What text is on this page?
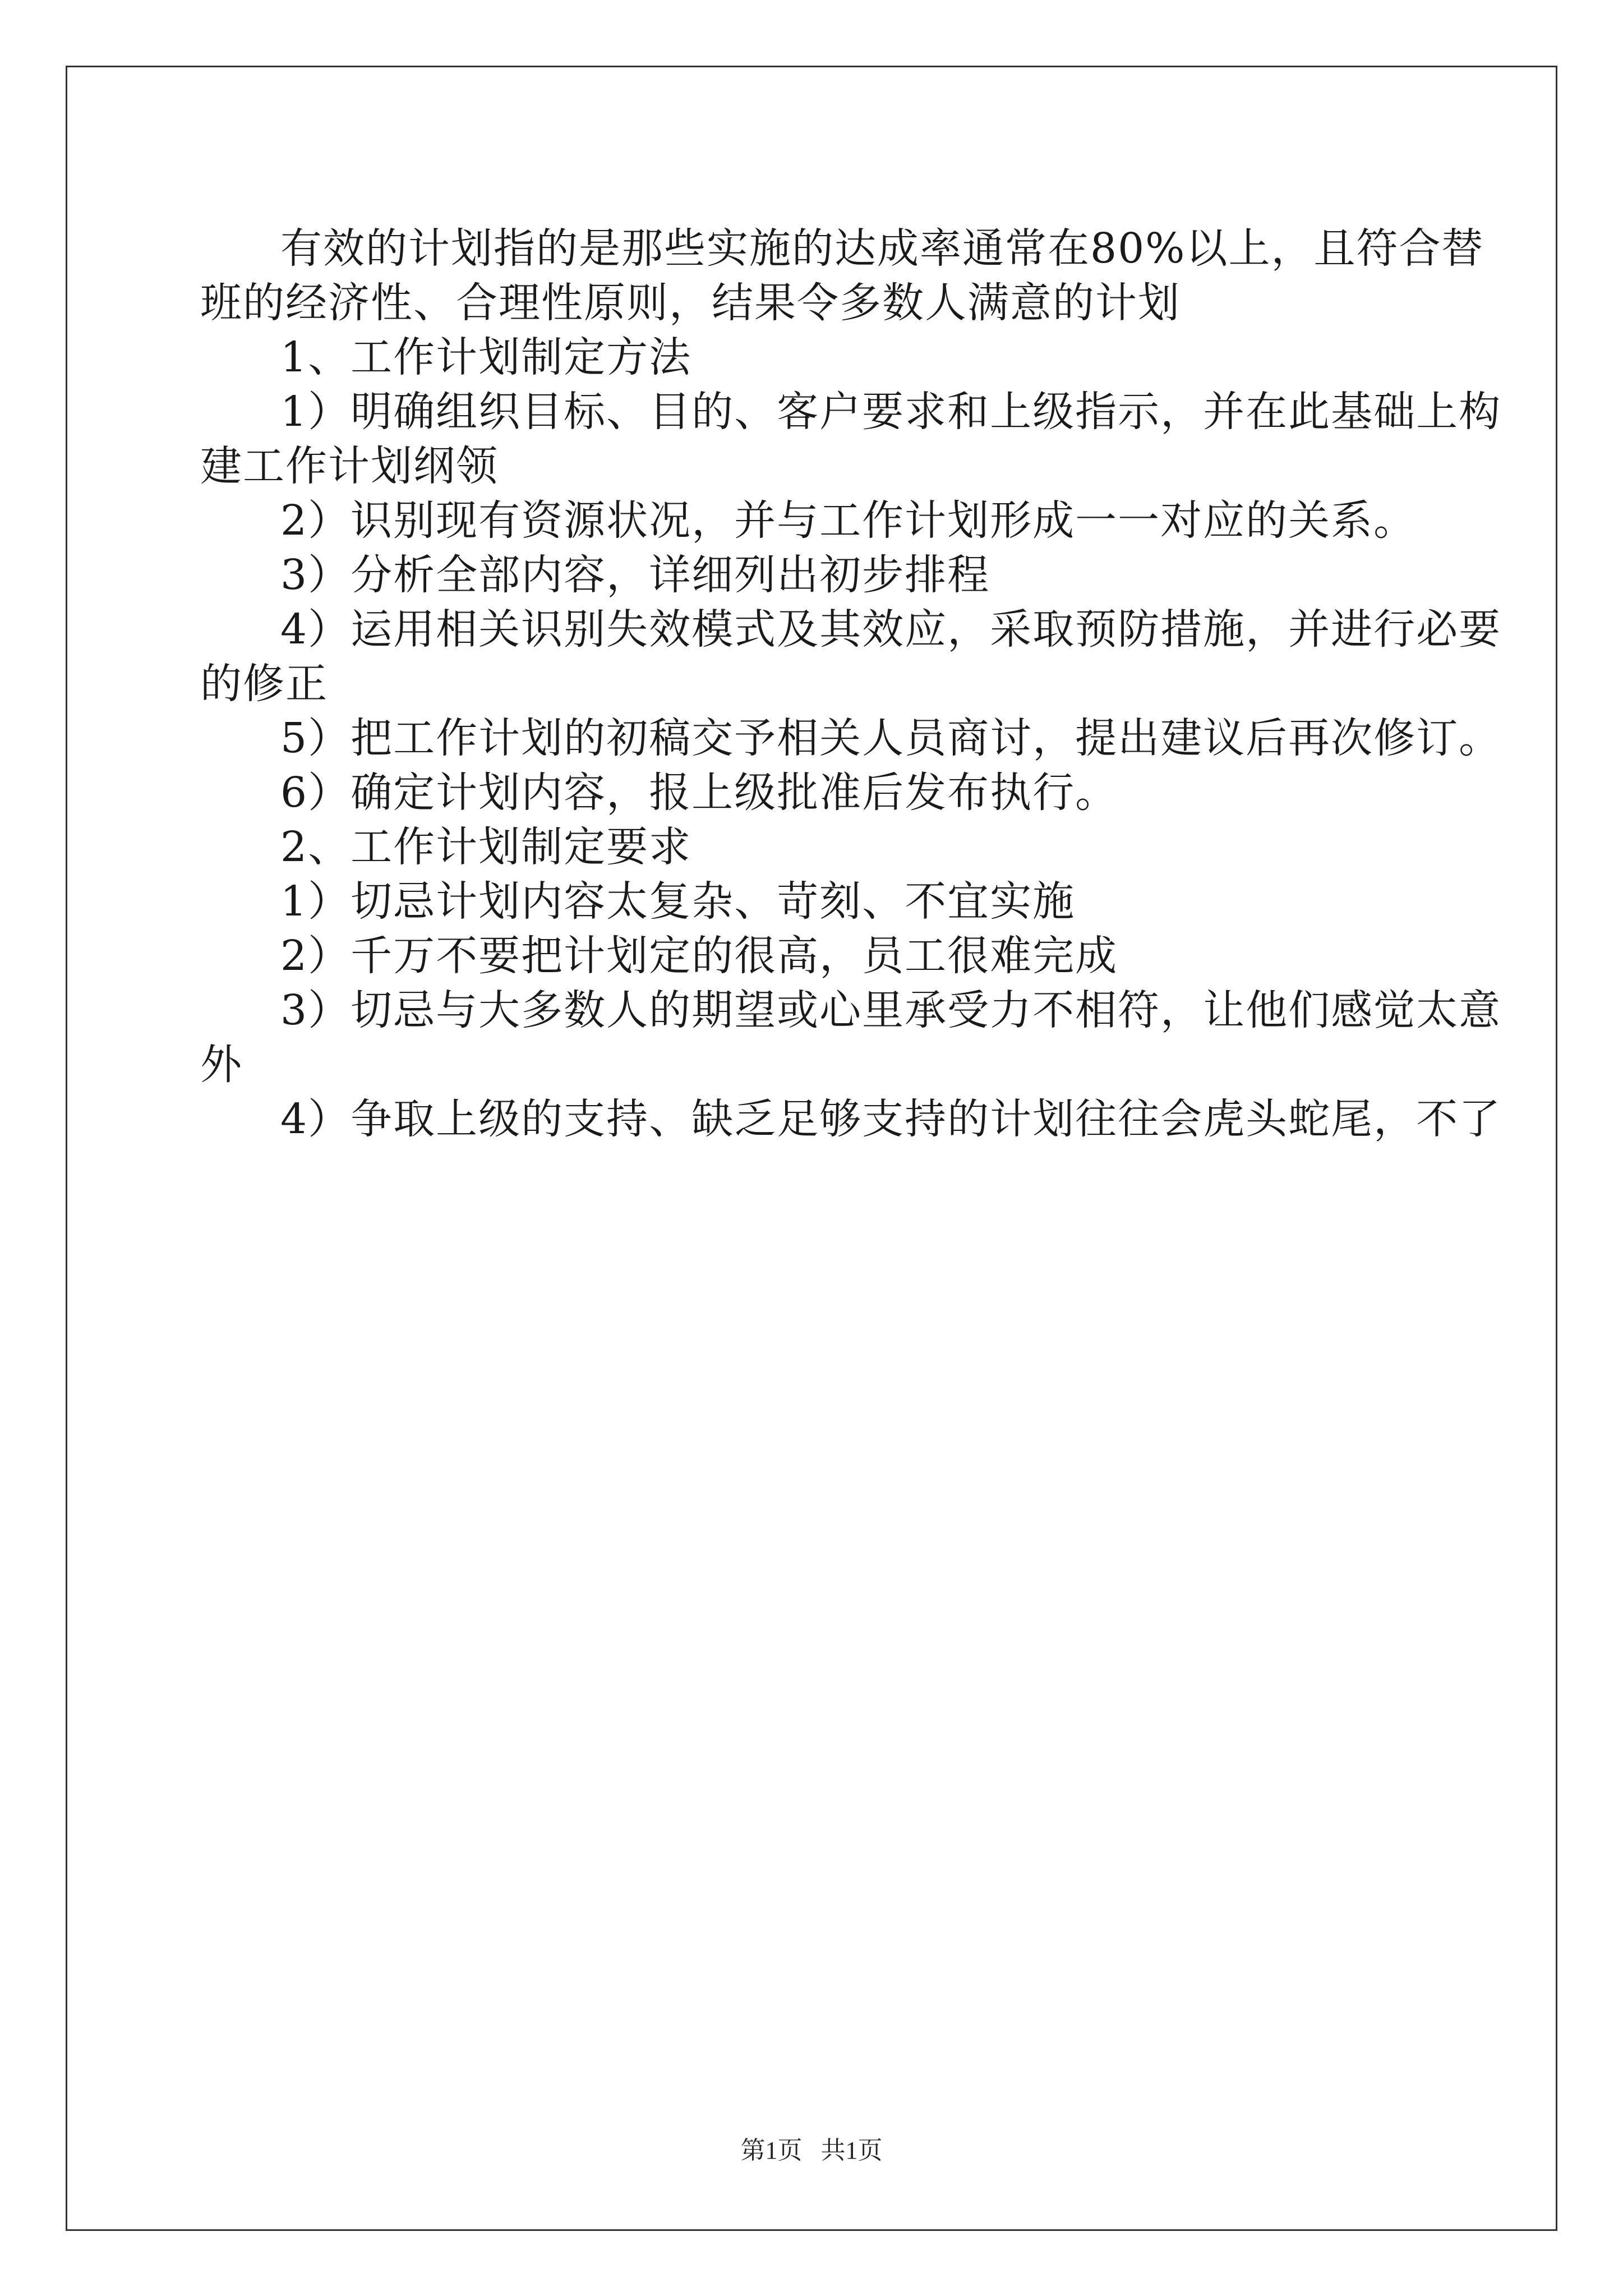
有效的计划指的是那些实施的达成率通常在80%以上，且符合替
班的经济性、合理性原则，结果令多数人满意的计划
1、工作计划制定方法
1）明确组织目标、目的、客户要求和上级指示，并在此基础上构
建工作计划纲领
2）识别现有资源状况，并与工作计划形成一一对应的关系。
3）分析全部内容，详细列出初步排程
4）运用相关识别失效模式及其效应，采取预防措施，并进行必要
的修正
5）把工作计划的初稿交予相关人员商讨，提出建议后再次修订。
6）确定计划内容，报上级批准后发布执行。
2、工作计划制定要求
1）切忌计划内容太复杂、苛刻、不宜实施
2）千万不要把计划定的很高，员工很难完成
3）切忌与大多数人的期望或心里承受力不相符，让他们感觉太意
外
4）争取上级的支持、缺乏足够支持的计划往往会虎头蛇尾，不了
第1页   共1页
